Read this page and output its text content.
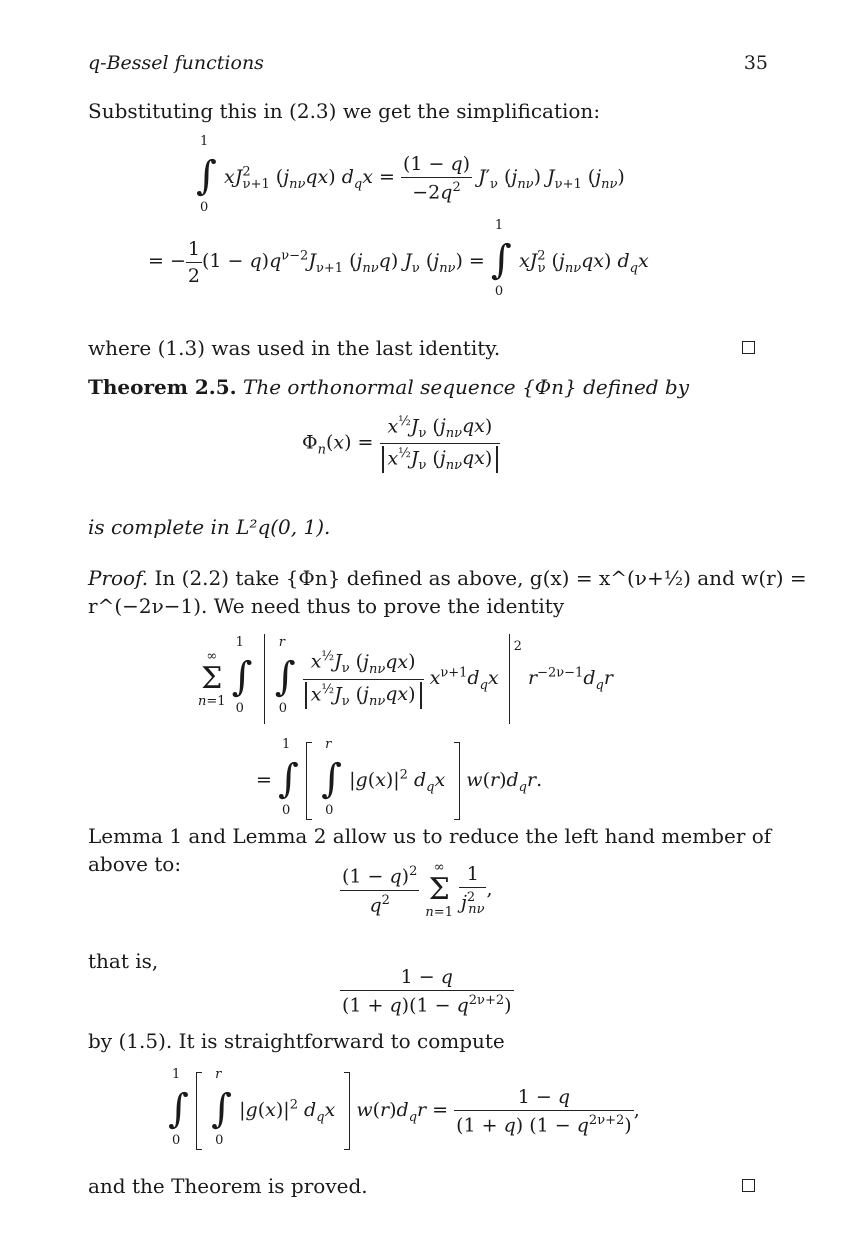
q-Bessel functions	35
Substituting this in (2.3) we get the simplification:
1
∫
0
$xJ^2_{\nu+1}$ $(j_{n\nu}qx) d_qx = \frac{(1 - q)}{-2q^2} J'_\nu$ $(j_{n\nu})$ $J_{\nu+1}$ $(j_{n\nu})$
= − $\frac{1}{2} (1 - q)q^{\nu-2}J_{\nu+1}$ $(j_{n\nu}q)$ $J_\nu$ $(j_{n\nu})$ =
1
∫
0
$xJ^2_\nu$ $(j_{n\nu}qx)$ $d_qx$
where (1.3) was used in the last identity.
Theorem 2.5. The orthonormal sequence {Φn} defined by
$\Phi_n(x) = \frac{x^{\frac{1}{2}}J_\nu (j_{n\nu}qx)}{x^{\frac{1}{2}}J_\nu (j_{n\nu}qx)}$
is complete in L²q(0, 1).
Proof. In (2.2) take {Φn} defined as above, g(x) = x^(ν+½) and w(r) =
r^(−2ν−1). We need thus to prove the identity
∞
Σ
n=1
1
∫
0

r
∫
0
$\frac{x^{\frac{1}{2}}J_\nu (j_{n\nu}qx)}{x^{\frac{1}{2}}J_\nu (j_{n\nu}qx)} x^{\nu+1}d_qx$ $^2$ $r^{-2\nu-1}d_qr$
=
1
∫
0

r
∫
0
$|g(x)|^2$ $d_qx$ $w(r)d_qr$.
Lemma 1 and Lemma 2 allow us to reduce the left hand member of
above to:
$\frac{(1 - q)^2}{q^2}$ ∞
Σ
$n=1 \frac{1}{j^2_{n\nu}}$ ,
that is,
$\frac{1 - q}{(1 + q)(1 - q^{2\nu+2})}$
by (1.5). It is straightforward to compute
1
∫
0

r
∫
0
$|g(x)|^2$ $d_qx$ $w(r)d_qr = \frac{1 - q}{(1 + q) (1 - q^{2\nu+2})}$ ,
and the Theorem is proved.
